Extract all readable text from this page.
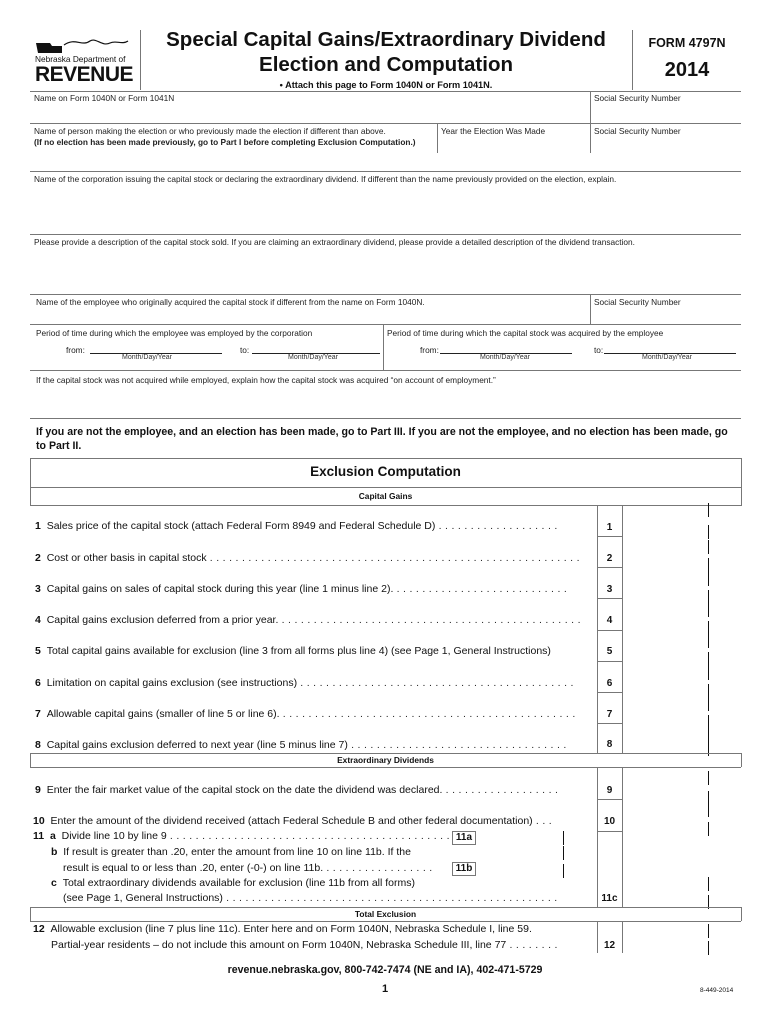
Nebraska Department of
REVENUE
Special Capital Gains/Extraordinary Dividend
Election and Computation
• Attach this page to Form 1040N or Form 1041N.
FORM 4797N
2014
Name on Form 1040N or Form 1041N	Social Security Number
Name of person making the election or who previously made the election if different than above.
(If no election has been made previously, go to Part I before completing Exclusion Computation.)
Year the Election Was Made	Social Security Number
Name of the corporation issuing the capital stock or declaring the extraordinary dividend. If different than the name previously provided on the election, explain.
Please provide a description of the capital stock sold. If you are claiming an extraordinary dividend, please provide a detailed description of the dividend transaction.
Name of the employee who originally acquired the capital stock if different from the name on Form 1040N.	Social Security Number
Period of time during which the employee was employed by the corporation	Period of time during which the capital stock was acquired by the employee
from:
Month/Day/Year
to:
Month/Day/Year
from:
Month/Day/Year
to:
Month/Day/Year
If the capital stock was not acquired while employed, explain how the capital stock was acquired “on account of employment.”
If you are not the employee, and an election has been made, go to Part III. If you are not the employee, and no election has been made, go to Part II.
Exclusion Computation
Capital Gains
1 Sales price of the capital stock (attach Federal Form 8949 and Federal Schedule D) . . . . . . . . . . . . . . . . . . .	1
2 Cost or other basis in capital stock . . . . . . . . . . . . . . . . . . . . . . . . . . . . . . . . . . . . . . . . . . . . . . . . . . . . . . . . . .	2
3 Capital gains on sales of capital stock during this year (line 1 minus line 2). . . . . . . . . . . . . . . . . . . . . . . . . . . .	3
4 Capital gains exclusion deferred from a prior year. . . . . . . . . . . . . . . . . . . . . . . . . . . . . . . . . . . . . . . . . . . . . . . .	4
5 Total capital gains available for exclusion (line 3 from all forms plus line 4) (see Page 1, General Instructions)	5
6 Limitation on capital gains exclusion (see instructions) . . . . . . . . . . . . . . . . . . . . . . . . . . . . . . . . . . . . . . . . . . .	6
7 Allowable capital gains (smaller of line 5 or line 6). . . . . . . . . . . . . . . . . . . . . . . . . . . . . . . . . . . . . . . . . . . . . . .	7
8 Capital gains exclusion deferred to next year (line 5 minus line 7) . . . . . . . . . . . . . . . . . . . . . . . . . . . . . . . . . .	8
Extraordinary Dividends
9 Enter the fair market value of the capital stock on the date the dividend was declared. . . . . . . . . . . . . . . . . . .	9
10 Enter the amount of the dividend received (attach Federal Schedule B and other federal documentation) . . .	10
11 a Divide line 10 by line 9 . . . . . . . . . . . . . . . . . . . . . . . . . . . . . . . . . . . . . . . . . . . . 11a
b If result is greater than .20, enter the amount from line 10 on line 11b. If the
result is equal to or less than .20, enter (-0-) on line 11b. . . . . . . . . . . . . . . . . .	11b
c Total extraordinary dividends available for exclusion (line 11b from all forms)
(see Page 1, General Instructions) . . . . . . . . . . . . . . . . . . . . . . . . . . . . . . . . . . . . . . . . . . . . . . . . . . . .	11c
Total Exclusion
12 Allowable exclusion (line 7 plus line 11c). Enter here and on Form 1040N, Nebraska Schedule I, line 59.
Partial-year residents – do not include this amount on Form 1040N, Nebraska Schedule III, line 77 . . . . . . . .	12
revenue.nebraska.gov, 800-742-7474 (NE and IA), 402-471-5729
1	8-449-2014
